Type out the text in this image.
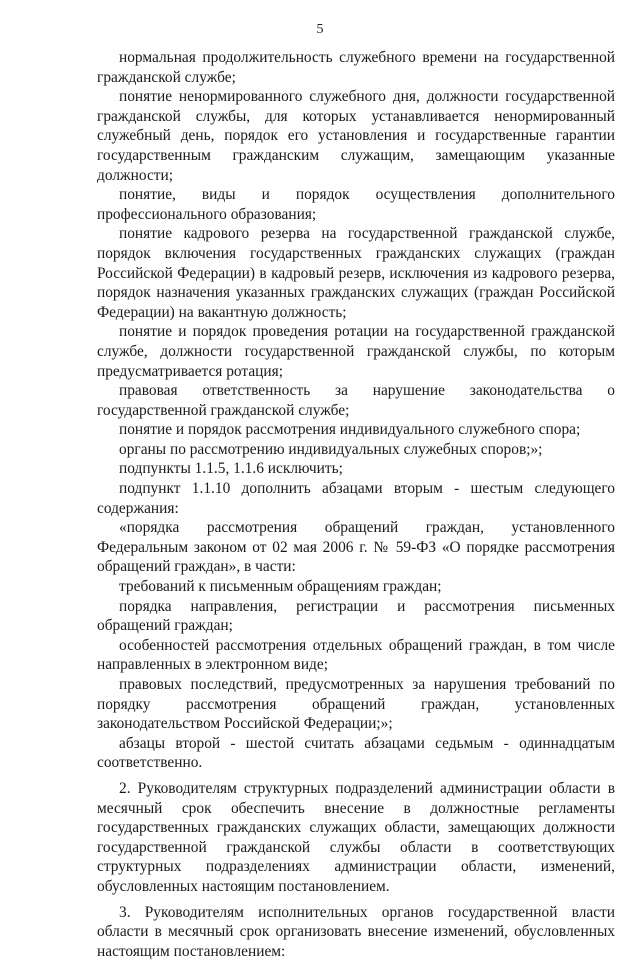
5

нормальная продолжительность служебного времени на государственной гражданской службе;

понятие ненормированного служебного дня, должности государственной гражданской службы, для которых устанавливается ненормированный служебный день, порядок его установления и государственные гарантии государственным гражданским служащим, замещающим указанные должности;

понятие, виды и порядок осуществления дополнительного профессионального образования;

понятие кадрового резерва на государственной гражданской службе, порядок включения государственных гражданских служащих (граждан Российской Федерации) в кадровый резерв, исключения из кадрового резерва, порядок назначения указанных гражданских служащих (граждан Российской Федерации) на вакантную должность;

понятие и порядок проведения ротации на государственной гражданской службе, должности государственной гражданской службы, по которым предусматривается ротация;

правовая ответственность за нарушение законодательства о государственной гражданской службе;

понятие и порядок рассмотрения индивидуального служебного спора;

органы по рассмотрению индивидуальных служебных споров;»;

подпункты 1.1.5, 1.1.6 исключить;

подпункт 1.1.10 дополнить абзацами вторым - шестым следующего содержания:

«порядка рассмотрения обращений граждан, установленного Федеральным законом от 02 мая 2006 г. № 59-ФЗ «О порядке рассмотрения обращений граждан», в части:

требований к письменным обращениям граждан;

порядка направления, регистрации и рассмотрения письменных обращений граждан;

особенностей рассмотрения отдельных обращений граждан, в том числе направленных в электронном виде;

правовых последствий, предусмотренных за нарушения требований по порядку рассмотрения обращений граждан, установленных законодательством Российской Федерации;»;

абзацы второй - шестой считать абзацами седьмым - одиннадцатым соответственно.

2. Руководителям структурных подразделений администрации области в месячный срок обеспечить внесение в должностные регламенты государственных гражданских служащих области, замещающих должности государственной гражданской службы области в соответствующих структурных подразделениях администрации области, изменений, обусловленных настоящим постановлением.

3. Руководителям исполнительных органов государственной власти области в месячный срок организовать внесение изменений, обусловленных настоящим постановлением:
